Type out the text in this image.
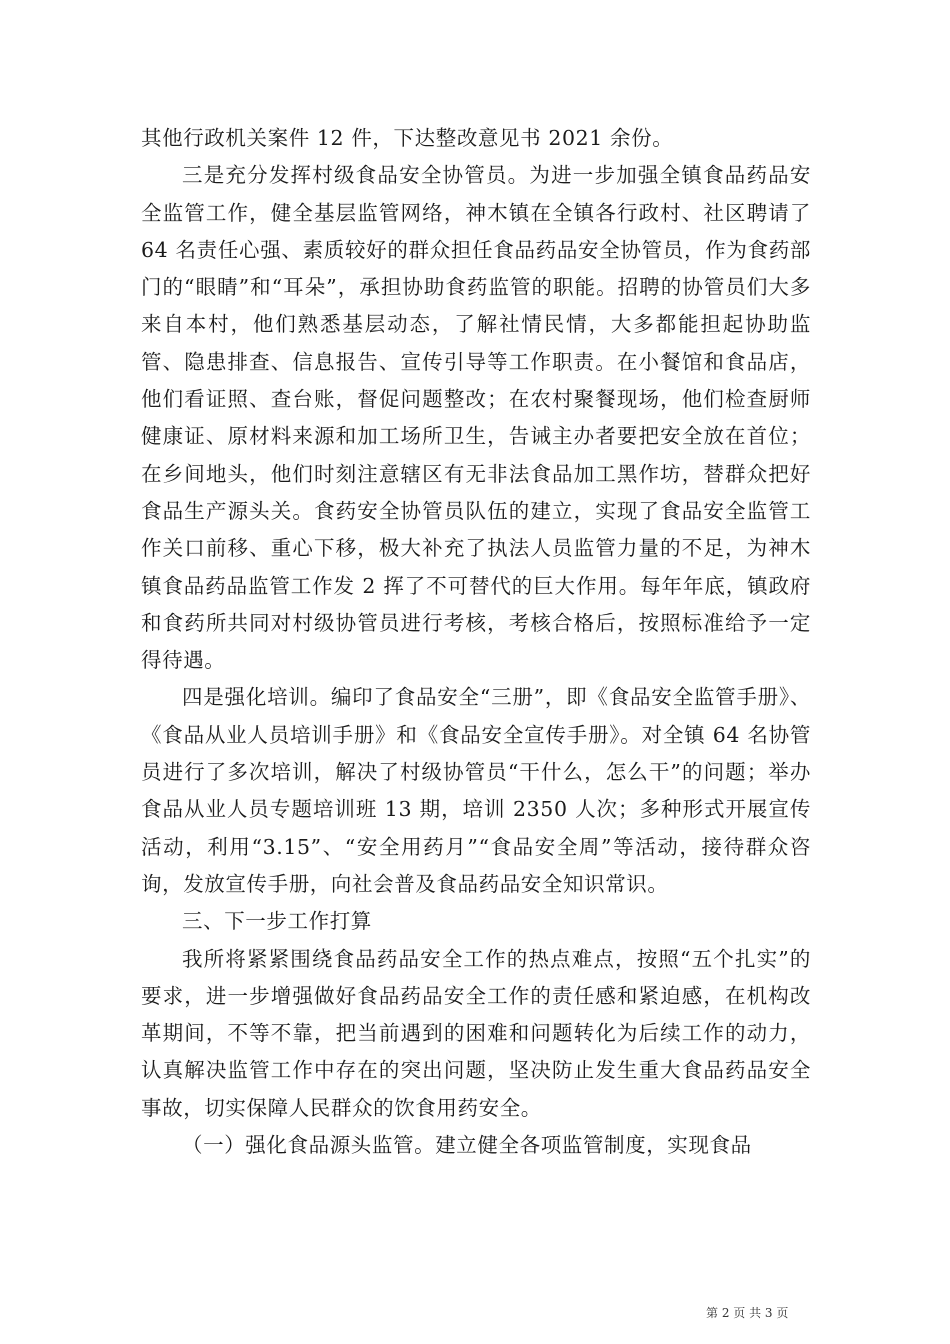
其他行政机关案件 12 件，下达整改意见书 2021 余份。

三是充分发挥村级食品安全协管员。为进一步加强全镇食品药品安全监管工作，健全基层监管网络，神木镇在全镇各行政村、社区聘请了 64 名责任心强、素质较好的群众担任食品药品安全协管员，作为食药部门的“眼睛”和“耳朵”，承担协助食药监管的职能。招聘的协管员们大多来自本村，他们熟悉基层动态，了解社情民情，大多都能担起协助监管、隐患排查、信息报告、宣传引导等工作职责。在小餐馆和食品店，他们看证照、查台账，督促问题整改；在农村聚餐现场，他们检查厨师健康证、原材料来源和加工场所卫生，告诫主办者要把安全放在首位；在乡间地头，他们时刻注意辖区有无非法食品加工黑作坊，替群众把好食品生产源头关。食药安全协管员队伍的建立，实现了食品安全监管工作关口前移、重心下移，极大补充了执法人员监管力量的不足，为神木镇食品药品监管工作发 2 挥了不可替代的巨大作用。每年年底，镇政府和食药所共同对村级协管员进行考核，考核合格后，按照标准给予一定得待遇。

四是强化培训。编印了食品安全“三册”，即《食品安全监管手册》、《食品从业人员培训手册》和《食品安全宣传手册》。对全镇 64 名协管员进行了多次培训，解决了村级协管员“干什么，怎么干”的问题；举办食品从业人员专题培训班 13 期，培训 2350 人次；多种形式开展宣传活动，利用“3.15”、“安全用药月”“食品安全周”等活动，接待群众咨询，发放宣传手册，向社会普及食品药品安全知识常识。

三、下一步工作打算

我所将紧紧围绕食品药品安全工作的热点难点，按照“五个扎实”的要求，进一步增强做好食品药品安全工作的责任感和紧迫感，在机构改革期间，不等不靠，把当前遇到的困难和问题转化为后续工作的动力，认真解决监管工作中存在的突出问题，坚决防止发生重大食品药品安全事故，切实保障人民群众的饮食用药安全。

（一）强化食品源头监管。建立健全各项监管制度，实现食品

第 2 页 共 3 页
